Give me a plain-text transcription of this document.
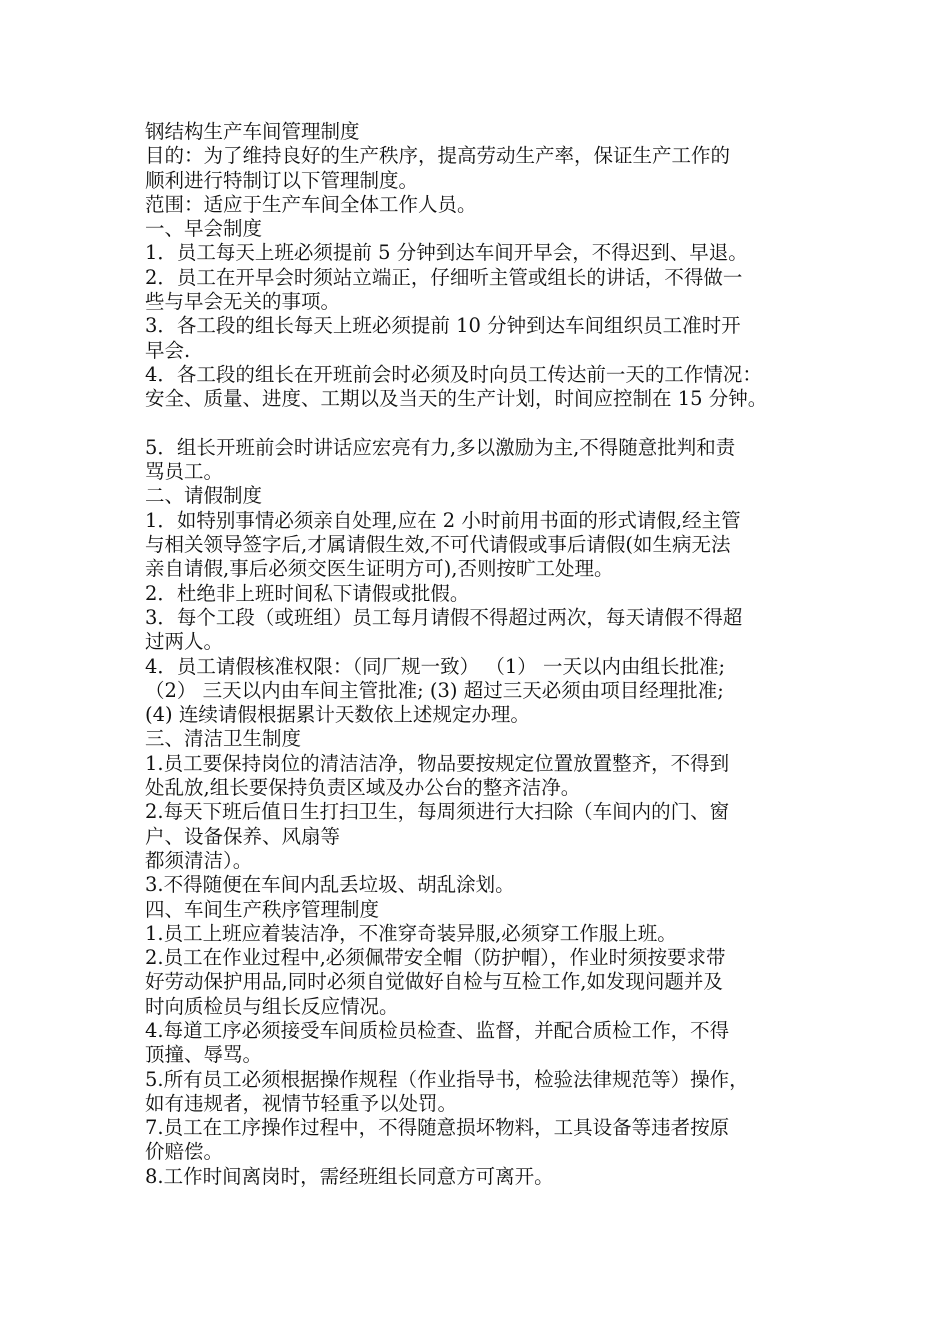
钢结构生产车间管理制度
目的：为了维持良好的生产秩序，提高劳动生产率，保证生产工作的
顺利进行特制订以下管理制度。
范围：适应于生产车间全体工作人员。
一、早会制度
1．员工每天上班必须提前 5 分钟到达车间开早会，不得迟到、早退。
2．员工在开早会时须站立端正，仔细听主管或组长的讲话，不得做一
些与早会无关的事项。
3．各工段的组长每天上班必须提前 10 分钟到达车间组织员工准时开
早会.
4．各工段的组长在开班前会时必须及时向员工传达前一天的工作情况：
安全、质量、进度、工期以及当天的生产计划，时间应控制在 15 分钟。
5．组长开班前会时讲话应宏亮有力,多以激励为主,不得随意批判和责
骂员工。
二、请假制度
1．如特别事情必须亲自处理,应在 2 小时前用书面的形式请假,经主管
与相关领导签字后,才属请假生效,不可代请假或事后请假(如生病无法
亲自请假,事后必须交医生证明方可),否则按旷工处理。
2．杜绝非上班时间私下请假或批假。
3．每个工段（或班组）员工每月请假不得超过两次，每天请假不得超
过两人。
4．员工请假核准权限：（同厂规一致） （1） 一天以内由组长批准;
（2） 三天以内由车间主管批准; (3) 超过三天必须由项目经理批准;
(4) 连续请假根据累计天数依上述规定办理。
三、清洁卫生制度
1.员工要保持岗位的清洁洁净，物品要按规定位置放置整齐，不得到
处乱放,组长要保持负责区域及办公台的整齐洁净。
2.每天下班后值日生打扫卫生，每周须进行大扫除（车间内的门、窗
户、设备保养、风扇等
都须清洁）。
3.不得随便在车间内乱丢垃圾、胡乱涂划。
四、车间生产秩序管理制度
1.员工上班应着装洁净，不准穿奇装异服,必须穿工作服上班。
2.员工在作业过程中,必须佩带安全帽（防护帽），作业时须按要求带
好劳动保护用品,同时必须自觉做好自检与互检工作,如发现问题并及
时向质检员与组长反应情况。
4.每道工序必须接受车间质检员检查、监督，并配合质检工作，不得
顶撞、辱骂。
5.所有员工必须根据操作规程（作业指导书，检验法律规范等）操作，
如有违规者，视情节轻重予以处罚。
7.员工在工序操作过程中，不得随意损坏物料，工具设备等违者按原
价赔偿。
8.工作时间离岗时，需经班组长同意方可离开。
